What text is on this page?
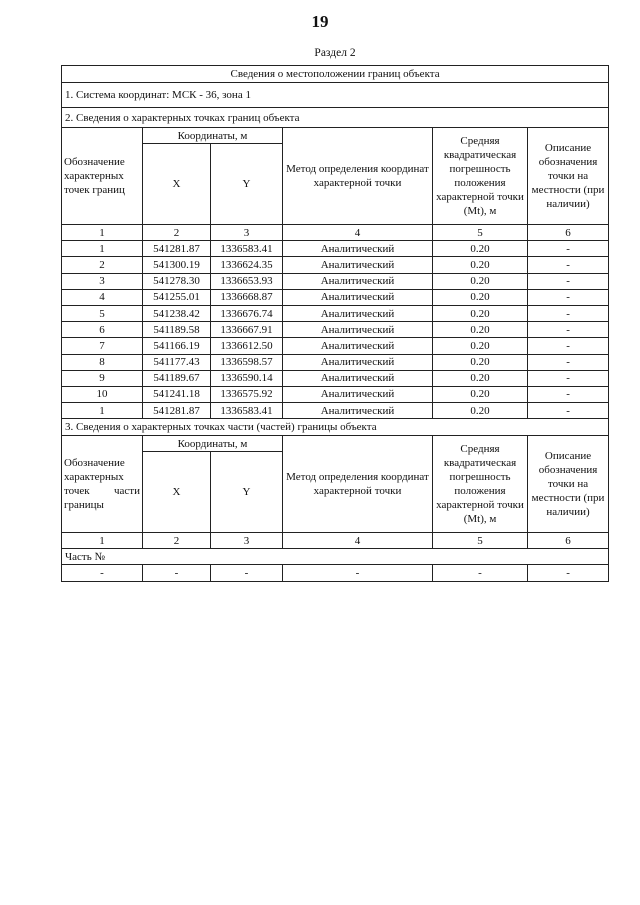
19
Раздел 2
Сведения о местоположении границ объекта					
1. Система координат: МСК - 36, зона 1					
2. Сведения о характерных точках границ объекта					
Обозначение характерных точек границ	Координаты, м		Метод определения координат характерной точки	Средняя квадратическая погрешность положения характерной точки (Mt), м	Описание обозначения точки на местности (при наличии)
	X	Y			
1	2	3	4	5	6
1	541281.87	1336583.41	Аналитический	0.20	-
2	541300.19	1336624.35	Аналитический	0.20	-
3	541278.30	1336653.93	Аналитический	0.20	-
4	541255.01	1336668.87	Аналитический	0.20	-
5	541238.42	1336676.74	Аналитический	0.20	-
6	541189.58	1336667.91	Аналитический	0.20	-
7	541166.19	1336612.50	Аналитический	0.20	-
8	541177.43	1336598.57	Аналитический	0.20	-
9	541189.67	1336590.14	Аналитический	0.20	-
10	541241.18	1336575.92	Аналитический	0.20	-
1	541281.87	1336583.41	Аналитический	0.20	-
3. Сведения о характерных точках части (частей) границы объекта					
Обозначение характерных точек части границы	Координаты, м		Метод определения координат характерной точки	Средняя квадратическая погрешность положения характерной точки (Mt), м	Описание обозначения точки на местности (при наличии)
	X	Y			
1	2	3	4	5	6
Часть №					
-	-	-	-	-	-
